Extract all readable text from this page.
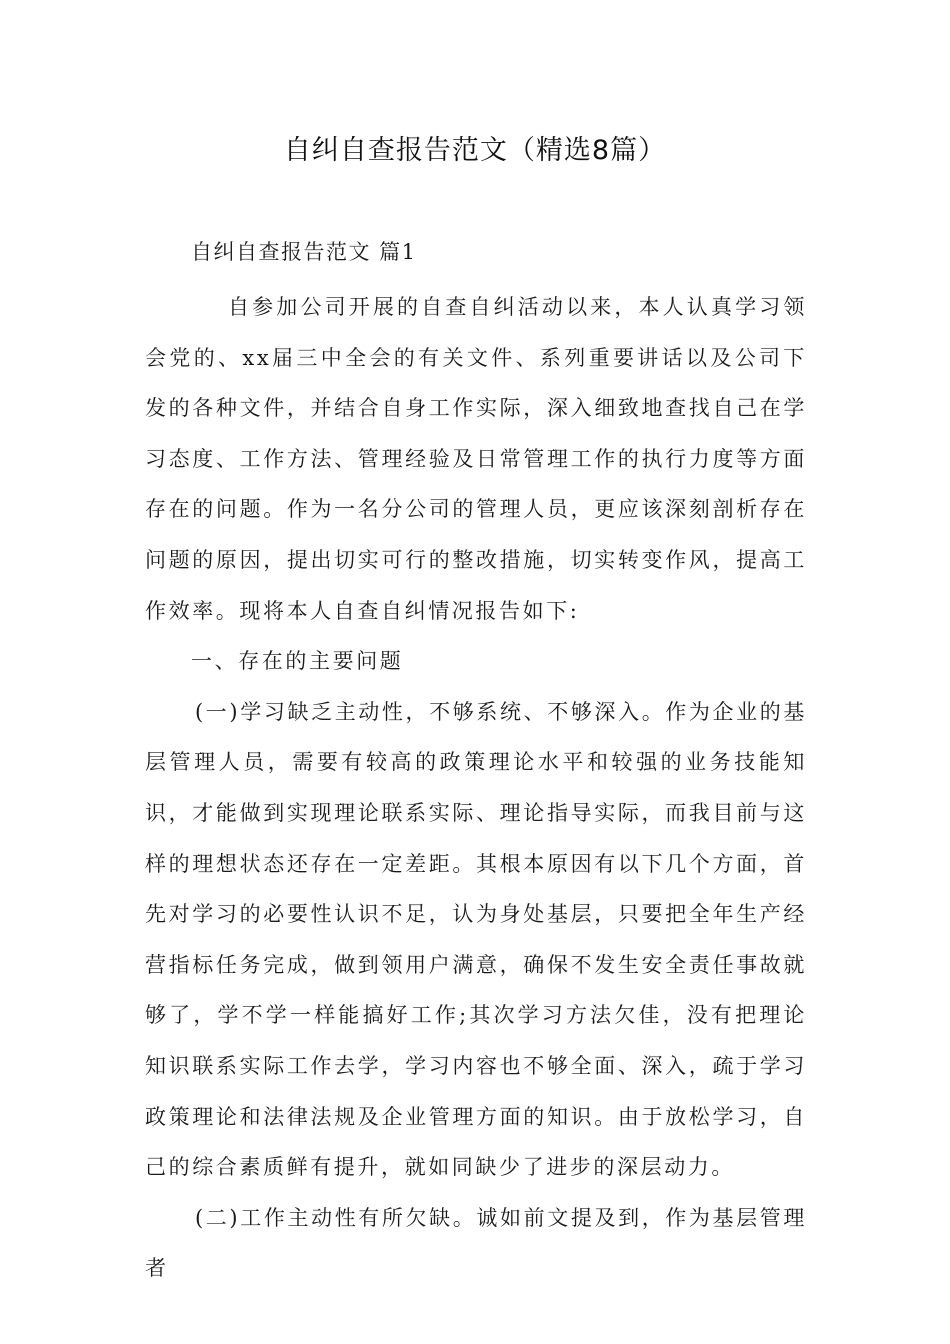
自纠自查报告范文（精选8篇）
自纠自查报告范文 篇1

自参加公司开展的自查自纠活动以来，本人认真学习领会党的、xx届三中全会的有关文件、系列重要讲话以及公司下发的各种文件，并结合自身工作实际，深入细致地查找自己在学习态度、工作方法、管理经验及日常管理工作的执行力度等方面存在的问题。作为一名分公司的管理人员，更应该深刻剖析存在问题的原因，提出切实可行的整改措施，切实转变作风，提高工作效率。现将本人自查自纠情况报告如下:

一、存在的主要问题

(一)学习缺乏主动性，不够系统、不够深入。作为企业的基层管理人员，需要有较高的政策理论水平和较强的业务技能知识，才能做到实现理论联系实际、理论指导实际，而我目前与这样的理想状态还存在一定差距。其根本原因有以下几个方面，首先对学习的必要性认识不足，认为身处基层，只要把全年生产经营指标任务完成，做到领用户满意，确保不发生安全责任事故就够了，学不学一样能搞好工作;其次学习方法欠佳，没有把理论知识联系实际工作去学，学习内容也不够全面、深入，疏于学习政策理论和法律法规及企业管理方面的知识。由于放松学习，自己的综合素质鲜有提升，就如同缺少了进步的深层动力。

(二)工作主动性有所欠缺。诚如前文提及到，作为基层管理者
